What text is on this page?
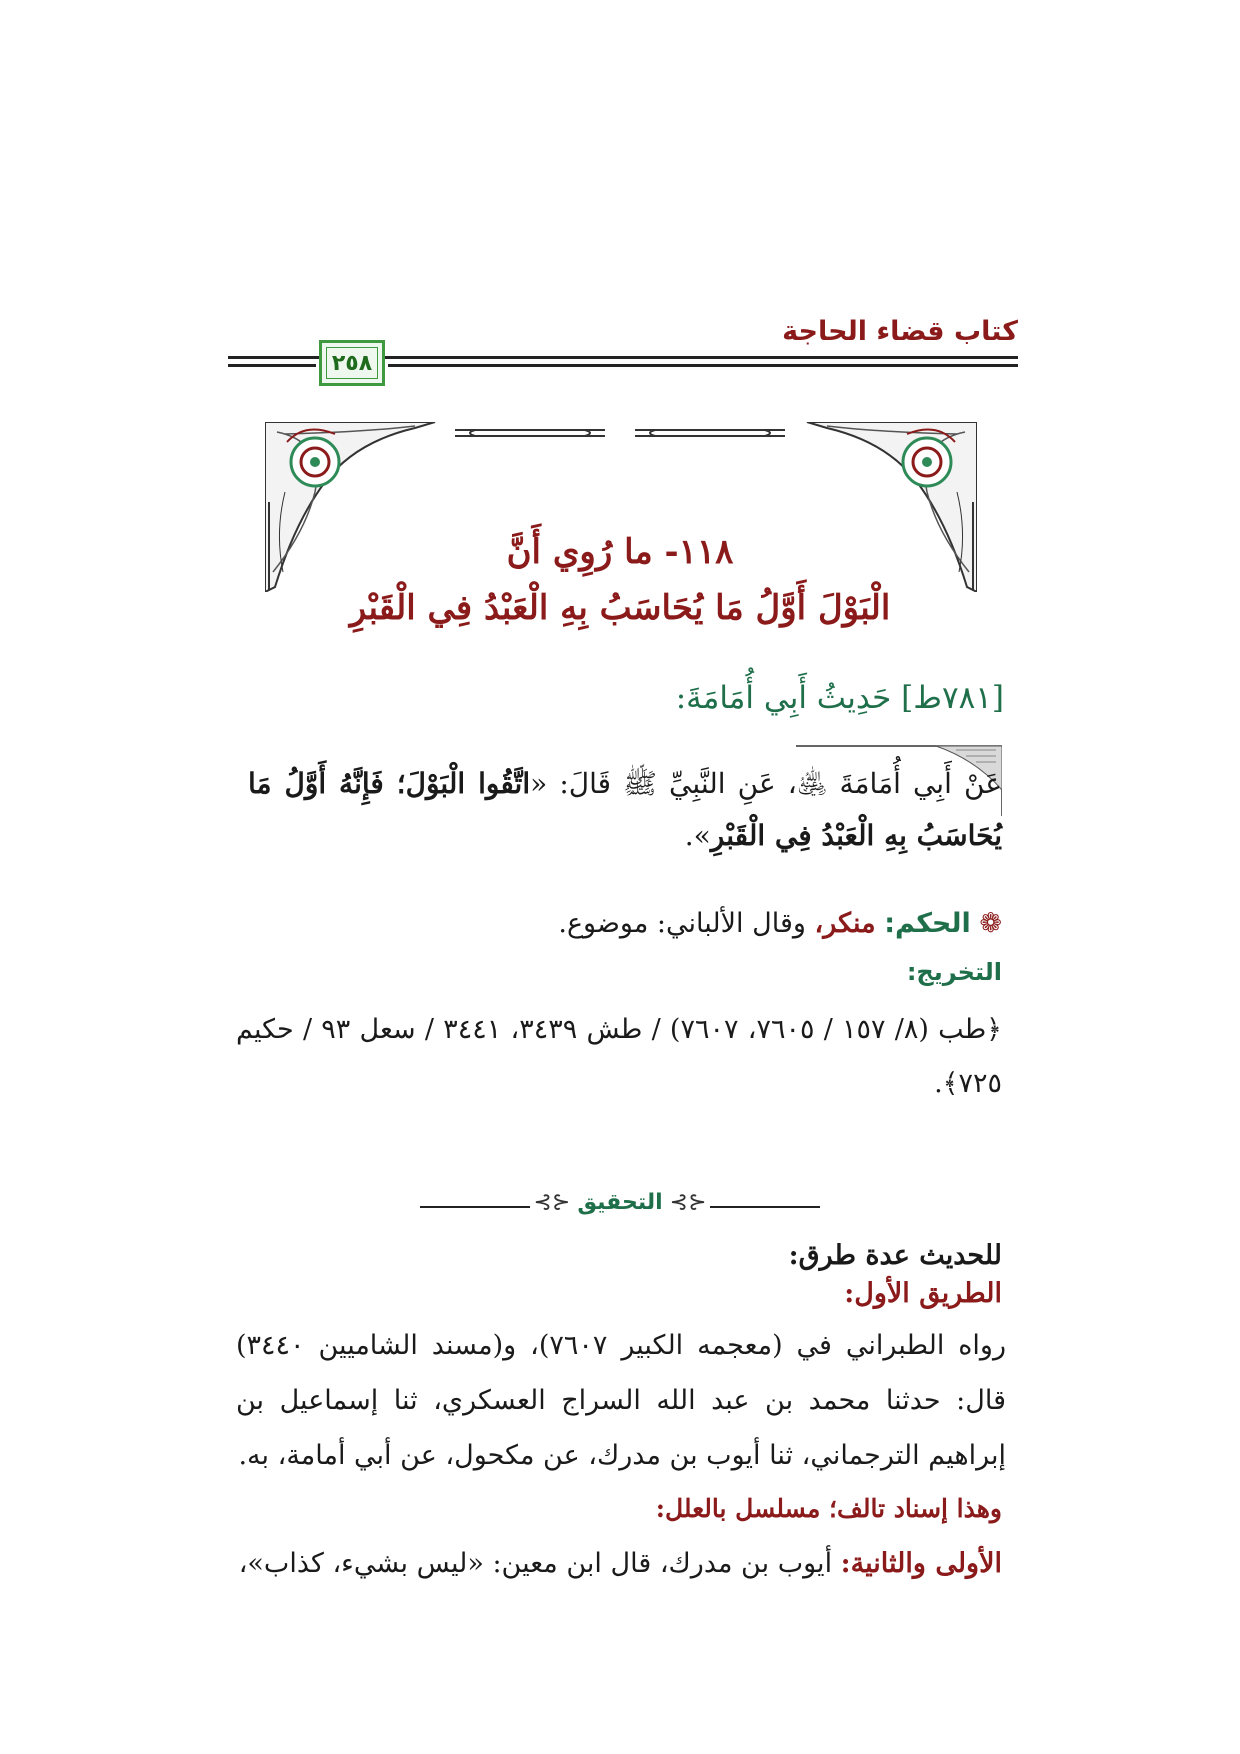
كتاب قضاء الحاجة
٢٥٨
١١٨- ما رُوِي أَنَّ
الْبَوْلَ أَوَّلُ مَا يُحَاسَبُ بِهِ الْعَبْدُ فِي الْقَبْرِ
[٧٨١ط] حَدِيثُ أَبِي أُمَامَةَ:
عَنْ أَبِي أُمَامَةَ ﵁، عَنِ النَّبِيِّ ﷺ قَالَ: «اتَّقُوا الْبَوْلَ؛ فَإِنَّهُ أَوَّلُ مَا يُحَاسَبُ بِهِ الْعَبْدُ فِي الْقَبْرِ».
❁ الحكم: منكر، وقال الألباني: موضوع.
التخريج:
﴿طب (٨/ ١٥٧ / ٧٦٠٥، ٧٦٠٧) / طش ٣٤٣٩، ٣٤٤١ / سعل ٩٣ / حكيم ٧٢٥﴾.
⊰⊱ التحقيق ⊰⊱
للحديث عدة طرق:
الطريق الأول:
رواه الطبراني في (معجمه الكبير ٧٦٠٧)، و(مسند الشاميين ٣٤٤٠) قال: حدثنا محمد بن عبد الله السراج العسكري، ثنا إسماعيل بن إبراهيم الترجماني، ثنا أيوب بن مدرك، عن مكحول، عن أبي أمامة، به.
وهذا إسناد تالف؛ مسلسل بالعلل:
الأولى والثانية: أيوب بن مدرك، قال ابن معين: «ليس بشيء، كذاب»،
